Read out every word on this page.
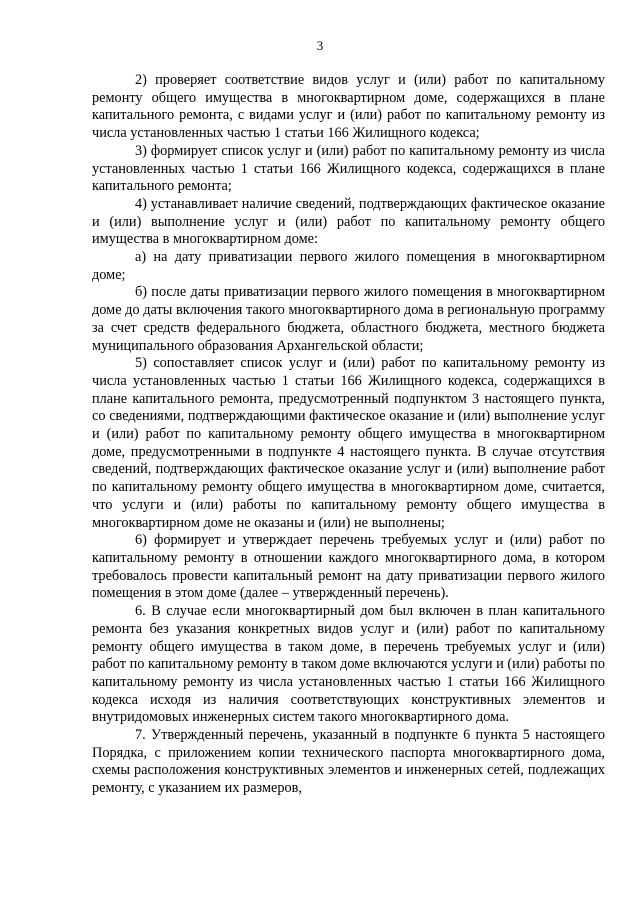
3

2) проверяет соответствие видов услуг и (или) работ по капитальному ремонту общего имущества в многоквартирном доме, содержащихся в плане капитального ремонта, с видами услуг и (или) работ по капитальному ремонту из числа установленных частью 1 статьи 166 Жилищного кодекса;

3) формирует список услуг и (или) работ по капитальному ремонту из числа установленных частью 1 статьи 166 Жилищного кодекса, содержащихся в плане капитального ремонта;

4) устанавливает наличие сведений, подтверждающих фактическое оказание и (или) выполнение услуг и (или) работ по капитальному ремонту общего имущества в многоквартирном доме:

а) на дату приватизации первого жилого помещения в многоквартирном доме;

б) после даты приватизации первого жилого помещения в многоквартирном доме до даты включения такого многоквартирного дома в региональную программу за счет средств федерального бюджета, областного бюджета, местного бюджета муниципального образования Архангельской области;

5) сопоставляет список услуг и (или) работ по капитальному ремонту из числа установленных частью 1 статьи 166 Жилищного кодекса, содержащихся в плане капитального ремонта, предусмотренный подпунктом 3 настоящего пункта, со сведениями, подтверждающими фактическое оказание и (или) выполнение услуг и (или) работ по капитальному ремонту общего имущества в многоквартирном доме, предусмотренными в подпункте 4 настоящего пункта. В случае отсутствия сведений, подтверждающих фактическое оказание услуг и (или) выполнение работ по капитальному ремонту общего имущества в многоквартирном доме, считается, что услуги и (или) работы по капитальному ремонту общего имущества в многоквартирном доме не оказаны и (или) не выполнены;

6) формирует и утверждает перечень требуемых услуг и (или) работ по капитальному ремонту в отношении каждого многоквартирного дома, в котором требовалось провести капитальный ремонт на дату приватизации первого жилого помещения в этом доме (далее – утвержденный перечень).

6. В случае если многоквартирный дом был включен в план капитального ремонта без указания конкретных видов услуг и (или) работ по капитальному ремонту общего имущества в таком доме, в перечень требуемых услуг и (или) работ по капитальному ремонту в таком доме включаются услуги и (или) работы по капитальному ремонту из числа установленных частью 1 статьи 166 Жилищного кодекса исходя из наличия соответствующих конструктивных элементов и внутридомовых инженерных систем такого многоквартирного дома.

7. Утвержденный перечень, указанный в подпункте 6 пункта 5 настоящего Порядка, с приложением копии технического паспорта многоквартирного дома, схемы расположения конструктивных элементов и инженерных сетей, подлежащих ремонту, с указанием их размеров,
